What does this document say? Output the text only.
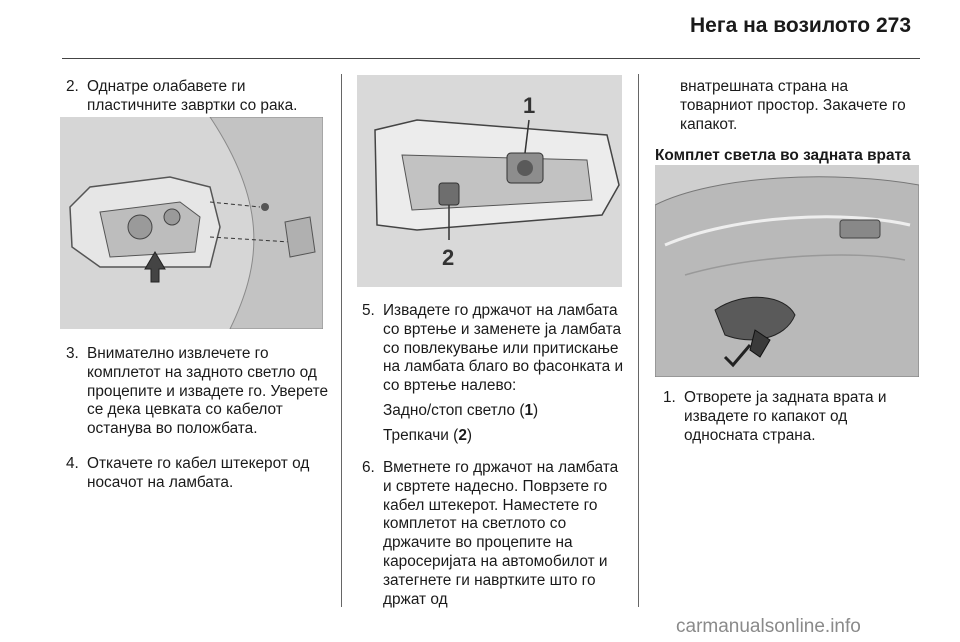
Нега на возилото 273
2. Однатре олабавете ги пластичните завртки со рака.
3. Внимателно извлечете го комплетот на задното светло од процепите и извадете го. Уверете се дека цевката со кабелот останува во положбата.
4. Откачете го кабел штекерот од носачот на ламбата.
1
2
5. Извадете го држачот на ламбата со вртење и заменете ја ламбата со повлекување или притискање на ламбата благо во фасонката и со вртење налево:

Задно/стоп светло (1)

Трепкачи (2)

6. Вметнете го држачот на ламбата и свртете надесно. Поврзете го кабел штекерот. Наместете го комплетот на светлото со држачите во процепите на каросеријата на автомобилот и затегнете ги навртките што го држат од
внатрешната страна на товарниот простор. Закачете го капакот.
Комплет светла во задната врата
1. Отворете ја задната врата и извадете го капакот од односната страна.
carmanualsonline.info
